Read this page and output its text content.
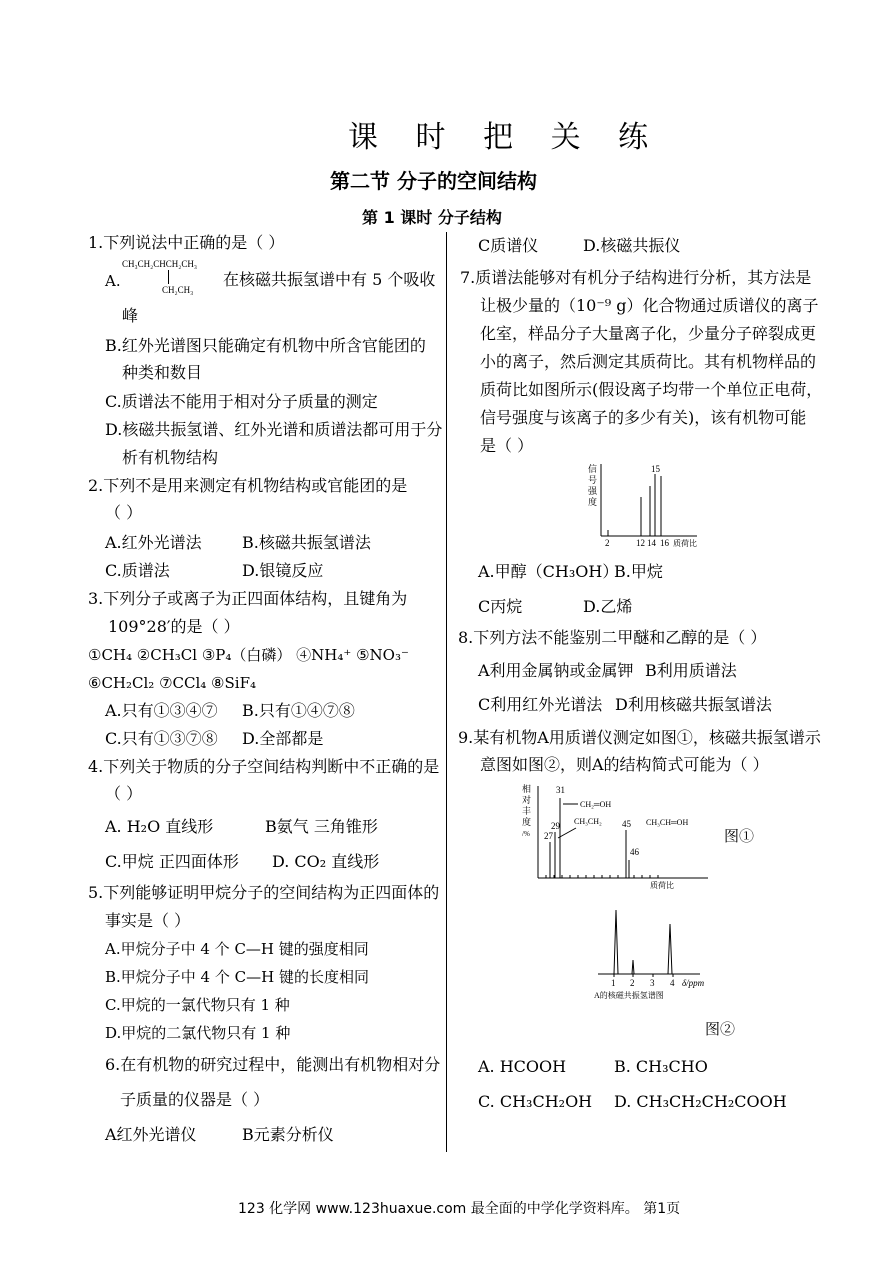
课 时 把 关 练
第二节 分子的空间结构
第 1 课时 分子结构
1.下列说法中正确的是（ ）
A.
CH₃CH₂CHCH₂CH₃
CH₂CH₃
在核磁共振氢谱中有 5 个吸收
峰
B.红外光谱图只能确定有机物中所含官能团的
种类和数目
C.质谱法不能用于相对分子质量的测定
D.核磁共振氢谱、红外光谱和质谱法都可用于分
析有机物结构
2.下列不是用来测定有机物结构或官能团的是
（ ）
A.红外光谱法	B.核磁共振氢谱法
C.质谱法	D.银镜反应
3.下列分子或离子为正四面体结构，且键角为
109°28′的是（ ）
①CH₄ ②CH₃Cl ③P₄（白磷） ④NH₄⁺ ⑤NO₃⁻
⑥CH₂Cl₂ ⑦CCl₄ ⑧SiF₄
A.只有①③④⑦ B.只有①④⑦⑧
C.只有①③⑦⑧ D.全部都是
4.下列关于物质的分子空间结构判断中不正确的是
（ ）
A. H₂O 直线形	B氨气 三角锥形
C.甲烷 正四面体形 D. CO₂ 直线形
5.下列能够证明甲烷分子的空间结构为正四面体的
事实是（ ）
A.甲烷分子中 4 个 C—H 键的强度相同
B.甲烷分子中 4 个 C—H 键的长度相同
C.甲烷的一氯代物只有 1 种
D.甲烷的二氯代物只有 1 种
6.在有机物的研究过程中，能测出有机物相对分
子质量的仪器是（ ）
A红外光谱仪	B元素分析仪
C质谱仪	D.核磁共振仪
7.质谱法能够对有机分子结构进行分析，其方法是
让极少量的（10⁻⁹ g）化合物通过质谱仪的离子
化室，样品分子大量离子化，少量分子碎裂成更
小的离子，然后测定其质荷比。其有机物样品的
质荷比如图所示(假设离子均带一个单位正电荷，
信号强度与该离子的多少有关)，该有机物可能
是（ ）
信
号
强
度
2	12 14 16
15
质荷比
A.甲醇（CH₃OH）
B.甲烷
C丙烷	D.乙烯
8.下列方法不能鉴别二甲醚和乙醇的是（ ）
A利用金属钠或金属钾 B利用质谱法
C利用红外光谱法 D利用核磁共振氢谱法
9.某有机物A用质谱仪测定如图①，核磁共振氢谱示
意图如图②，则A的结构简式可能为（ ）
相
对
丰
度
/% 27
29
31
45
46
CH₂═OH
CH₃CH₂	CH₃CH═OH
质荷比
图①
1 2 3 4 δ/ppm
A的核磁共振氢谱图
图②
A. HCOOH	B. CH₃CHO
C. CH₃CH₂OH D. CH₃CH₂CH₂COOH
123 化学网 www.123huaxue.com 最全面的中学化学资料库。 第1页
